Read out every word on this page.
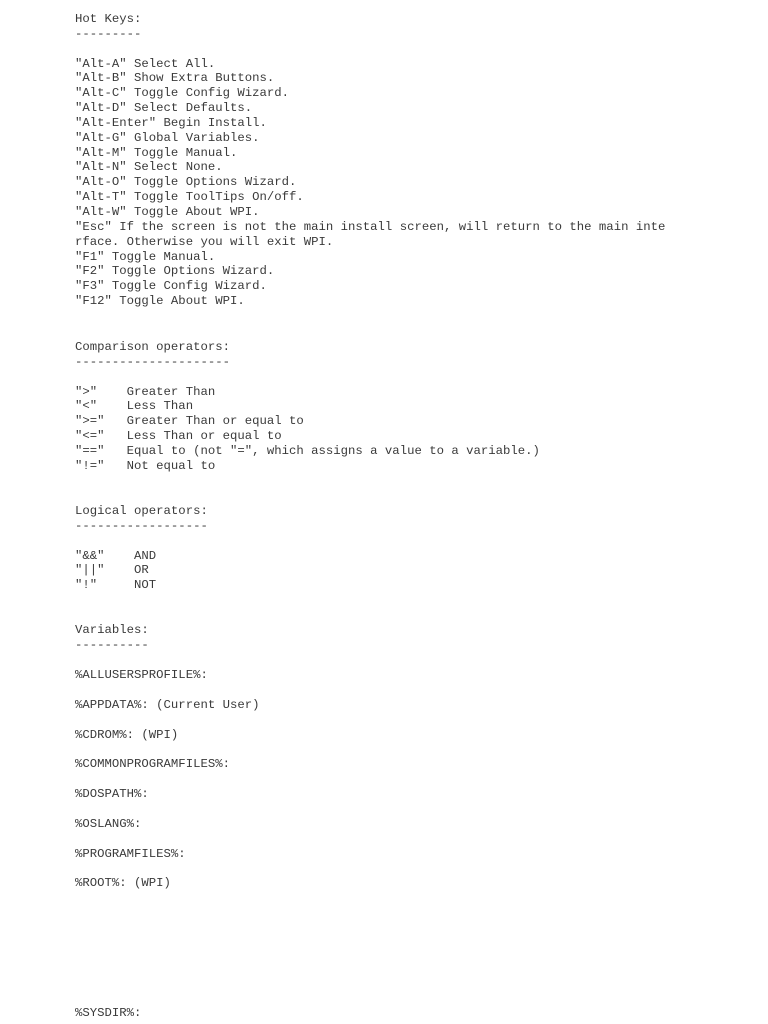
Hot Keys:
---------
"Alt-A" Select All.
"Alt-B" Show Extra Buttons.
"Alt-C" Toggle Config Wizard.
"Alt-D" Select Defaults.
"Alt-Enter" Begin Install.
"Alt-G" Global Variables.
"Alt-M" Toggle Manual.
"Alt-N" Select None.
"Alt-O" Toggle Options Wizard.
"Alt-T" Toggle ToolTips On/off.
"Alt-W" Toggle About WPI.
"Esc" If the screen is not the main install screen, will return to the main inte
rface. Otherwise you will exit WPI.
"F1" Toggle Manual.
"F2" Toggle Options Wizard.
"F3" Toggle Config Wizard.
"F12" Toggle About WPI.
Comparison operators:
---------------------
">"    Greater Than
"<"    Less Than
">="   Greater Than or equal to
"<="   Less Than or equal to
"=="   Equal to (not "=", which assigns a value to a variable.)
"!="   Not equal to
Logical operators:
------------------
"&&"    AND
"||"    OR
"!"     NOT
Variables:
----------
%ALLUSERSPROFILE%:
%APPDATA%: (Current User)
%CDROM%: (WPI)
%COMMONPROGRAMFILES%:
%DOSPATH%:
%OSLANG%:
%PROGRAMFILES%:
%ROOT%: (WPI)
%SYSDIR%:
